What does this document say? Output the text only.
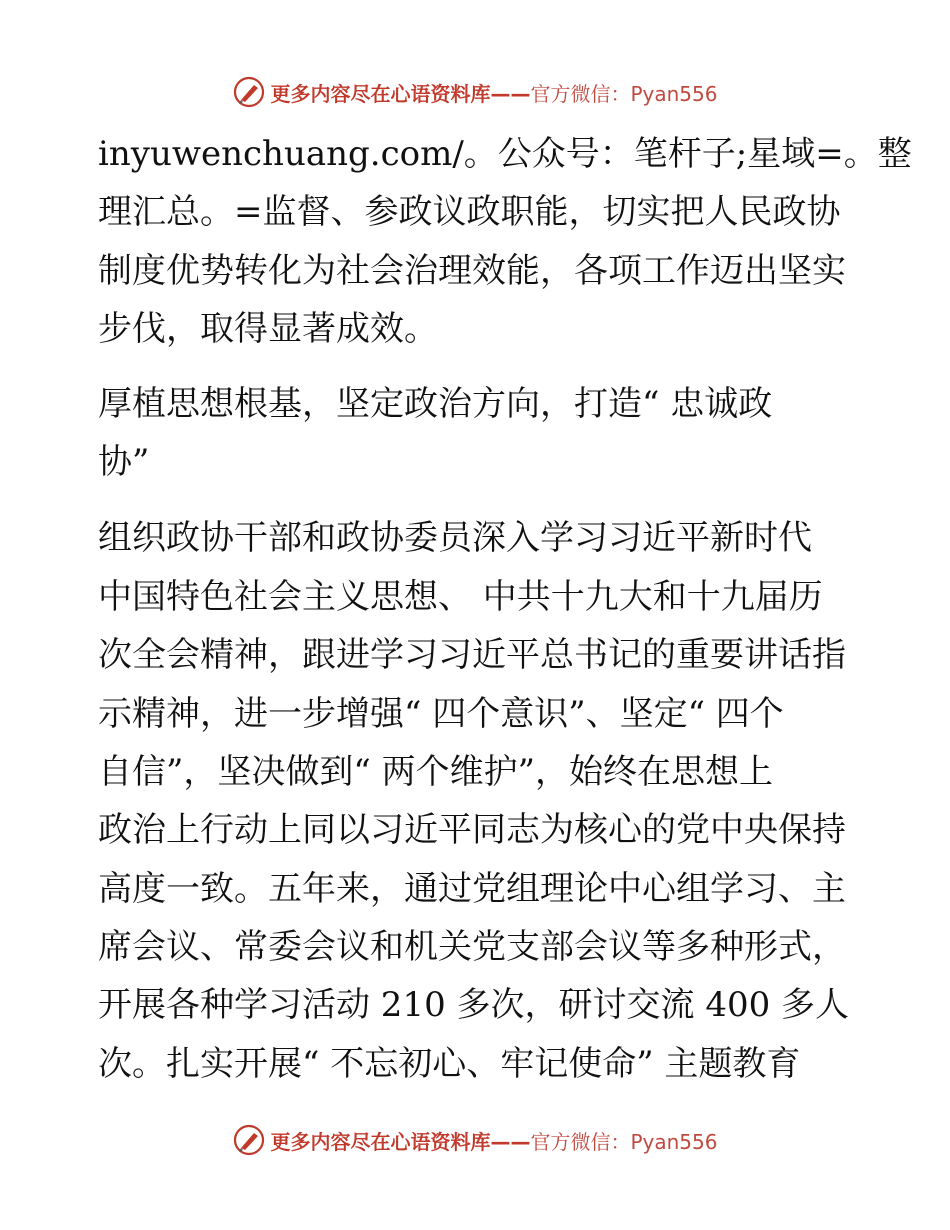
更多内容尽在心语资料库——官方微信：Pyan556
inyuwenchuang.com/。公众号：笔杆子;星域=。整
理汇总。=监督、参政议政职能，切实把人民政协
制度优势转化为社会治理效能，各项工作迈出坚实
步伐，取得显著成效。
厚植思想根基，坚定政治方向，打造“ 忠诚政
协”
组织政协干部和政协委员深入学习习近平新时代
中国特色社会主义思想、 中共十九大和十九届历
次全会精神，跟进学习习近平总书记的重要讲话指
示精神，进一步增强“ 四个意识”、坚定“ 四个
自信”，坚决做到“ 两个维护”，始终在思想上
政治上行动上同以习近平同志为核心的党中央保持
高度一致。五年来，通过党组理论中心组学习、主
席会议、常委会议和机关党支部会议等多种形式，
开展各种学习活动 210 多次，研讨交流 400 多人
次。扎实开展“ 不忘初心、牢记使命” 主题教育
更多内容尽在心语资料库——官方微信：Pyan556
